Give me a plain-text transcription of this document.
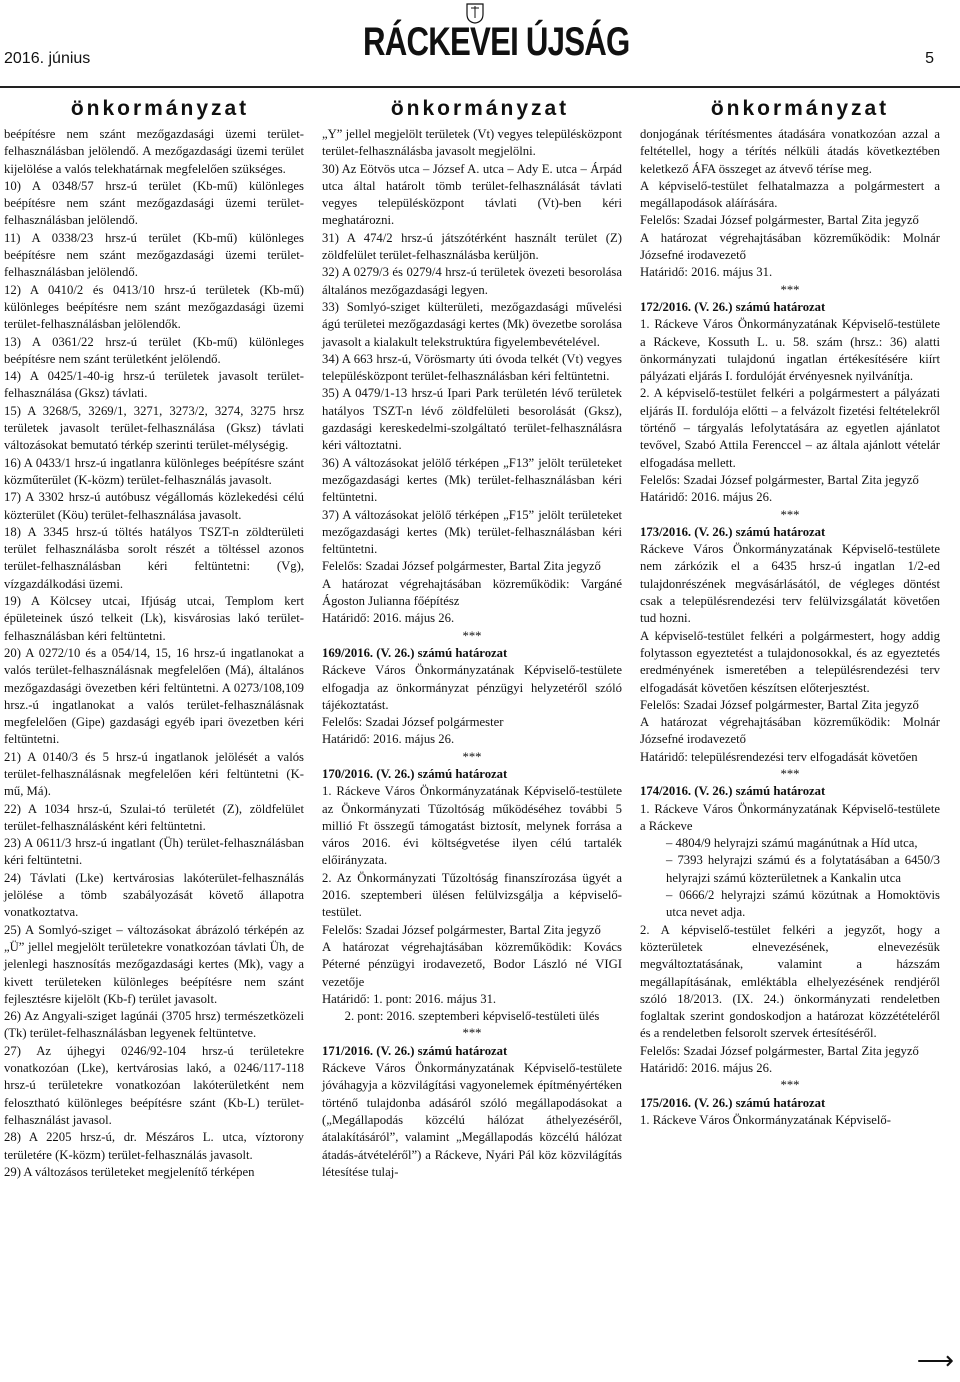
2016. június	RÁCKEVEI ÚJSÁG	5
önkormányzat	önkormányzat	önkormányzat

beépítésre nem szánt mezőgazdasági üzemi terület-felhasználásban jelölendő. A mezőgazdasági üzemi terület kijelölése a valós telekhatárnak megfelelően szükséges.

10) A 0348/57 hrsz-ú terület (Kb-mű) különleges beépítésre nem szánt mezőgazdasági üzemi terület-felhasználásban jelölendő.

11) A 0338/23 hrsz-ú terület (Kb-mű) különleges beépítésre nem szánt mezőgazdasági üzemi terület-felhasználásban jelölendő.

12) A 0410/2 és 0413/10 hrsz-ú területek (Kb-mű) különleges beépítésre nem szánt mezőgazdasági üzemi terület-felhasználásban jelölendők.

13) A 0361/22 hrsz-ú terület (Kb-mű) különleges beépítésre nem szánt területként jelölendő.

14) A 0425/1-40-ig hrsz-ú területek javasolt terület-felhasználása (Gksz) távlati.

15) A 3268/5, 3269/1, 3271, 3273/2, 3274, 3275 hrsz területek javasolt terület-felhasználása (Gksz) távlati változásokat bemutató térkép szerinti terület-mélységig.

16) A 0433/1 hrsz-ú ingatlanra különleges beépítésre szánt közműterület (K-közm) terület-felhasználás javasolt.

17) A 3302 hrsz-ú autóbusz végállomás közlekedési célú közterület (Köu) terület-felhasználása javasolt.

18) A 3345 hrsz-ú töltés hatályos TSZT-n zöldterületi terület felhasználásba sorolt részét a töltéssel azonos terület-felhasználásban kéri feltüntetni: (Vg), vízgazdálkodási üzemi.

19) A Kölcsey utcai, Ifjúság utcai, Templom kert épületeinek úszó telkeit (Lk), kisvárosias lakó terület-felhasználásban kéri feltüntetni.

20) A 0272/10 és a 054/14, 15, 16 hrsz-ú ingatlanokat a valós terület-felhasználásnak megfelelően (Má), általános mezőgazdasági övezetben kéri feltüntetni. A 0273/108,109 hrsz.-ú ingatlanokat a valós terület-felhasználásnak megfelelően (Gipe) gazdasági egyéb ipari övezetben kéri feltüntetni.

21) A 0140/3 és 5 hrsz-ú ingatlanok jelölését a valós terület-felhasználásnak megfelelően kéri feltüntetni (K-mű, Má).

22) A 1034 hrsz-ú, Szulai-tó területét (Z), zöldfelület terület-felhasználásként kéri feltüntetni.

23) A 0611/3 hrsz-ú ingatlant (Üh) terület-felhasználásban kéri feltüntetni.

24) Távlati (Lke) kertvárosias lakóterület-felhasználás jelölése a tömb szabályozását követő állapotra vonatkoztatva.

25) A Somlyó-sziget – változásokat ábrázoló térképén az „Ü” jellel megjelölt területekre vonatkozóan távlati Üh, de jelenlegi hasznosítás mezőgazdasági kertes (Mk), vagy a kivett területeken különleges beépítésre nem szánt fejlesztésre kijelölt (Kb-f) terület javasolt.

26) Az Angyali-sziget lagúnái (3705 hrsz) természetközeli (Tk) terület-felhasználásban legyenek feltüntetve.

27) Az újhegyi 0246/92-104 hrsz-ú területekre vonatkozóan (Lke), kertvárosias lakó, a 0246/117-118 hrsz-ú területekre vonatkozóan lakóterületként nem felosztható különleges beépítésre szánt (Kb-L) terület-felhasználást javasol.

28) A 2205 hrsz-ú, dr. Mészáros L. utca, víztorony területére (K-közm) terület-felhasználás javasolt.

29) A változásos területeket megjelenítő térképen

„Y” jellel megjelölt területek (Vt) vegyes településközpont terület-felhasználásba javasolt megjelölni.

30) Az Eötvös utca – József A. utca – Ady E. utca – Árpád utca által határolt tömb terület-felhasználását távlati vegyes településközpont távlati (Vt)-ben kéri meghatározni.

31) A 474/2 hrsz-ú játszótérként használt terület (Z) zöldfelület terület-felhasználásba kerüljön.

32) A 0279/3 és 0279/4 hrsz-ú területek övezeti besorolása általános mezőgazdasági legyen.

33) Somlyó-sziget külterületi, mezőgazdasági művelési ágú területei mezőgazdasági kertes (Mk) övezetbe sorolása javasolt a kialakult telekstruktúra figyelembevételével.

34) A 663 hrsz-ú, Vörösmarty úti óvoda telkét (Vt) vegyes településközpont terület-felhasználásban kéri feltüntetni.

35) A 0479/1-13 hrsz-ú Ipari Park területén lévő területek hatályos TSZT-n lévő zöldfelületi besorolását (Gksz), gazdasági kereskedelmi-szolgáltató terület-felhasználásra kéri változtatni.

36) A változásokat jelölő térképen „F13” jelölt területeket mezőgazdasági kertes (Mk) terület-felhasználásban kéri feltüntetni.

37) A változásokat jelölő térképen „F15” jelölt területeket mezőgazdasági kertes (Mk) terület-felhasználásban kéri feltüntetni.

Felelős: Szadai József polgármester, Bartal Zita jegyző

A határozat végrehajtásában közreműködik: Vargáné Ágoston Julianna főépítész

Határidő: 2016. május 26.

***

169/2016. (V. 26.) számú határozat

Ráckeve Város Önkormányzatának Képviselő-testülete elfogadja az önkormányzat pénzügyi helyzetéről szóló tájékoztatást.

Felelős: Szadai József polgármester

Határidő: 2016. május 26.

***

170/2016. (V. 26.) számú határozat

1. Ráckeve Város Önkormányzatának Képviselő-testülete az Önkormányzati Tűzoltóság működéséhez további 5 millió Ft összegű támogatást biztosít, melynek forrása a város 2016. évi költségvetése ilyen célú tartalék előirányzata.

2. Az Önkormányzati Tűzoltóság finanszírozása ügyét a 2016. szeptemberi ülésen felülvizsgálja a képviselő-testület.

Felelős: Szadai József polgármester, Bartal Zita jegyző

A határozat végrehajtásában közreműködik: Kovács Péterné pénzügyi irodavezető, Bodor László né VIGI vezetője

Határidő: 1. pont: 2016. május 31.

2. pont: 2016. szeptemberi képviselő-testületi ülés

***

171/2016. (V. 26.) számú határozat

Ráckeve Város Önkormányzatának Képviselő-testülete jóváhagyja a közvilágítási vagyonelemek építményértéken történő tulajdonba adásáról szóló megállapodásokat a („Megállapodás közcélú hálózat áthelyezéséről, átalakításáról”, valamint „Megállapodás közcélú hálózat átadás-átvételéről”) a Ráckeve, Nyári Pál köz közvilágítás létesítése tulaj-

donjogának térítésmentes átadására vonatkozóan azzal a feltétellel, hogy a térítés nélküli átadás következtében keletkező ÁFA összeget az átvevő téríse meg.

A képviselő-testület felhatalmazza a polgármestert a megállapodások aláírására.

Felelős: Szadai József polgármester, Bartal Zita jegyző

A határozat végrehajtásában közreműködik: Molnár Józsefné irodavezető

Határidő: 2016. május 31.

***

172/2016. (V. 26.) számú határozat

1. Ráckeve Város Önkormányzatának Képviselő-testülete a Ráckeve, Kossuth L. u. 58. szám (hrsz.: 36) alatti önkormányzati tulajdonú ingatlan értékesítésére kiírt pályázati eljárás I. fordulóját érvényesnek nyilvánítja.

2. A képviselő-testület felkéri a polgármestert a pályázati eljárás II. fordulója előtti – a felvázolt fizetési feltételekről történő – tárgyalás lefolytatására az egyetlen ajánlatot tevővel, Szabó Attila Ferenccel – az általa ajánlott vételár elfogadása mellett.

Felelős: Szadai József polgármester, Bartal Zita jegyző

Határidő: 2016. május 26.

***

173/2016. (V. 26.) számú határozat

Ráckeve Város Önkormányzatának Képviselő-testülete nem zárkózik el a 6435 hrsz-ú ingatlan 1/2-ed tulajdonrészének megvásárlásától, de végleges döntést csak a településrendezési terv felülvizsgálatát követően tud hozni.

A képviselő-testület felkéri a polgármestert, hogy addig folytasson egyeztetést a tulajdonosokkal, és az egyeztetés eredményének ismeretében a településrendezési terv elfogadását követően készítsen előterjesztést.

Felelős: Szadai József polgármester, Bartal Zita jegyző

A határozat végrehajtásában közreműködik: Molnár Józsefné irodavezető

Határidő: településrendezési terv elfogadását követően

***

174/2016. (V. 26.) számú határozat

1. Ráckeve Város Önkormányzatának Képviselő-testülete a Ráckeve

– 4804/9 helyrajzi számú magánútnak a Híd utca,

– 7393 helyrajzi számú és a folytatásában a 6450/3 helyrajzi számú közterületnek a Kankalin utca

– 0666/2 helyrajzi számú közútnak a Homoktövis utca nevet adja.

2. A képviselő-testület felkéri a jegyzőt, hogy a közterületek elnevezésének, elnevezésük megváltoztatásának, valamint a házszám megállapításának, emléktábla elhelyezésének rendjéről szóló 18/2013. (IX. 24.) önkormányzati rendeletben foglaltak szerint gondoskodjon a határozat közzétételéről és a rendeletben felsorolt szervek értesítéséről.

Felelős: Szadai József polgármester, Bartal Zita jegyző

Határidő: 2016. május 26.

***

175/2016. (V. 26.) számú határozat

1. Ráckeve Város Önkormányzatának Képviselő-

⟶
